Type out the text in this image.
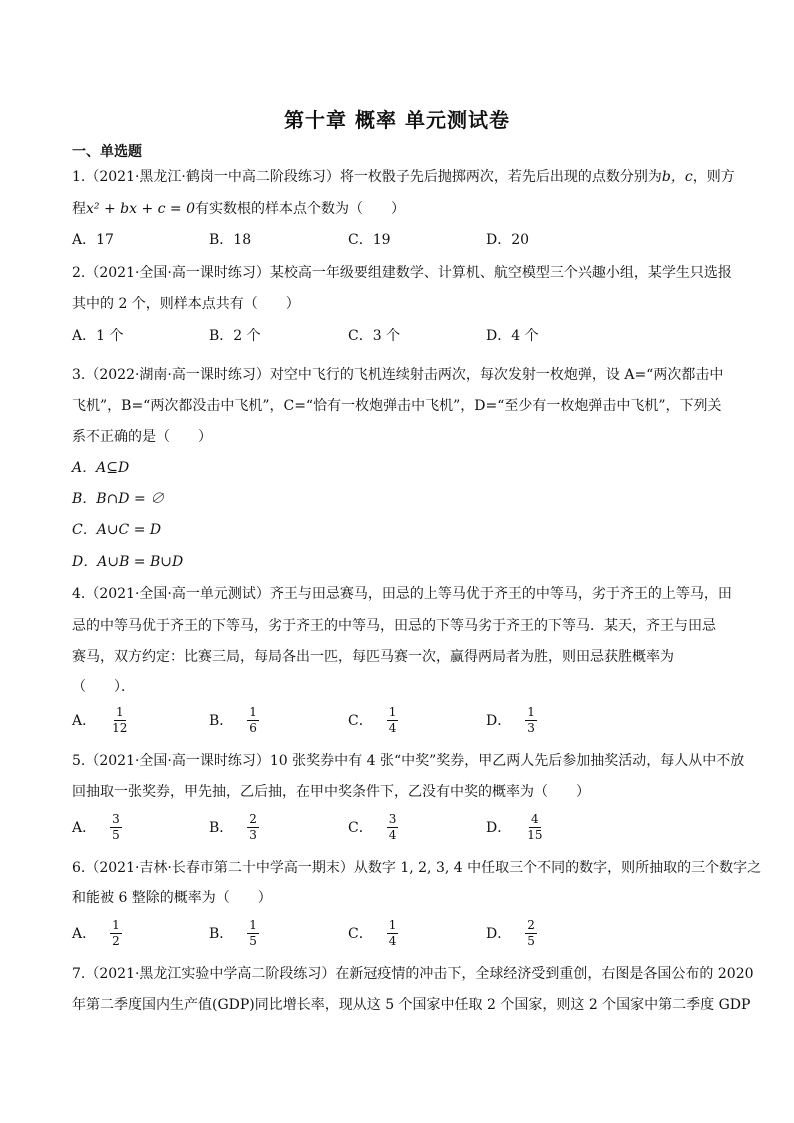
第十章 概率 单元测试卷
一、单选题
1.（2021·黑龙江·鹤岗一中高二阶段练习）将一枚骰子先后抛掷两次，若先后出现的点数分别为b，c，则方
程x² + bx + c = 0有实数根的样本点个数为（　　）
A．17	B．18	C．19	D．20
2.（2021·全国·高一课时练习）某校高一年级要组建数学、计算机、航空模型三个兴趣小组，某学生只选报
其中的 2 个，则样本点共有（　　）
A．1 个	B．2 个	C．3 个	D．4 个
3.（2022·湖南·高一课时练习）对空中飞行的飞机连续射击两次，每次发射一枚炮弹，设 A=“两次都击中
飞机”，B=“两次都没击中飞机”，C=“恰有一枚炮弹击中飞机”，D=“至少有一枚炮弹击中飞机”，下列关
系不正确的是（　　）
A．A⊆D
B．B∩D = ∅
C．A∪C = D
D．A∪B = B∪D
4.（2021·全国·高一单元测试）齐王与田忌赛马，田忌的上等马优于齐王的中等马，劣于齐王的上等马，田
忌的中等马优于齐王的下等马，劣于齐王的中等马，田忌的下等马劣于齐王的下等马．某天，齐王与田忌
赛马，双方约定：比赛三局，每局各出一匹，每匹马赛一次，赢得两局者为胜，则田忌获胜概率为
（　　）．
A． $\frac{1}{12}$	B． $\frac{1}{6}$	C． $\frac{1}{4}$	D． $\frac{1}{3}$
5.（2021·全国·高一课时练习）10 张奖券中有 4 张“中奖”奖券，甲乙两人先后参加抽奖活动，每人从中不放
回抽取一张奖券，甲先抽，乙后抽，在甲中奖条件下，乙没有中奖的概率为（　　）
A． $\frac{3}{5}$	B． $\frac{2}{3}$	C． $\frac{3}{4}$	D． $\frac{4}{15}$
6.（2021·吉林·长春市第二十中学高一期末）从数字 1, 2, 3, 4 中任取三个不同的数字，则所抽取的三个数字之
和能被 6 整除的概率为（　　）
A． $\frac{1}{2}$	B． $\frac{1}{5}$	C． $\frac{1}{4}$	D． $\frac{2}{5}$
7.（2021·黑龙江实验中学高二阶段练习）在新冠疫情的冲击下，全球经济受到重创，右图是各国公布的 2020
年第二季度国内生产值(GDP)同比增长率，现从这 5 个国家中任取 2 个国家，则这 2 个国家中第二季度 GDP
